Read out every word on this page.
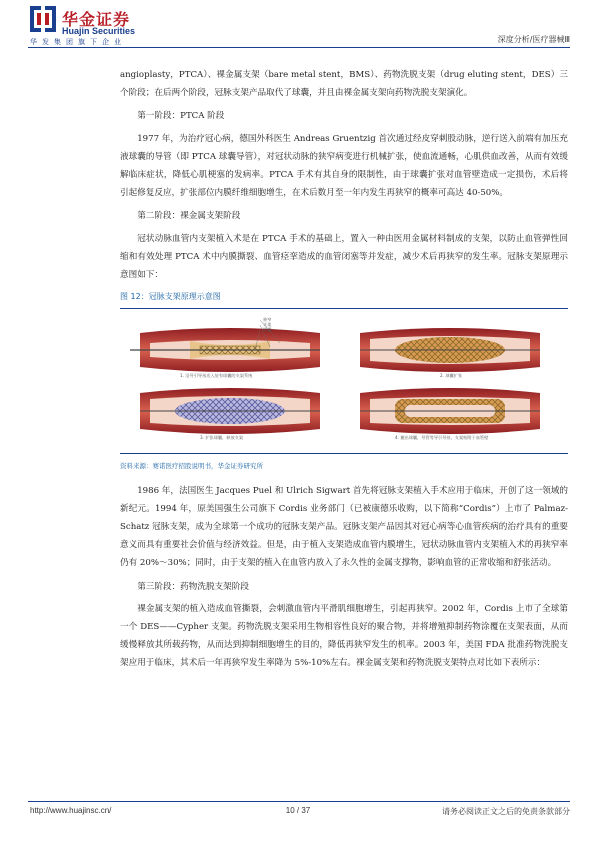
华金证券
Huajin Securities
华发集团旗下企业	深度分析/医疗器械Ⅲ

angioplasty，PTCA）、裸金属支架（bare metal stent，BMS）、药物洗脱支架（drug eluting stent，DES）三个阶段；在后两个阶段，冠脉支架产品取代了球囊，并且由裸金属支架向药物洗脱支架演化。

第一阶段：PTCA 阶段

1977 年，为治疗冠心病，德国外科医生 Andreas Gruentzig 首次通过经皮穿刺股动脉，逆行送入前端有加压充液球囊的导管（即 PTCA 球囊导管），对冠状动脉的狭窄病变进行机械扩张，使血流通畅，心肌供血改善，从而有效缓解临床症状，降低心肌梗塞的发病率。PTCA 手术有其自身的限制性，由于球囊扩张对血管壁造成一定损伤，术后将引起修复反应，扩张部位内膜纤维细胞增生，在术后数月至一年内发生再狭窄的概率可高达 40-50%。

第二阶段：裸金属支架阶段

冠状动脉血管内支架植入术是在 PTCA 手术的基础上，置入一种由医用金属材料制成的支架，以防止血管弹性回缩和有效处理 PTCA 术中内膜撕裂、血管痉挛造成的血管闭塞等并发症，减少术后再狭窄的发生率。冠脉支架原理示意图如下：

图 12：冠脉支架原理示意图
狭窄
支架
球囊
1. 沿导引导丝送入装有球囊的支架系统	2. 球囊扩张
3. 扩张球囊，释放支架	4. 撤出球囊，导管等导引导丝，支架贴附于血管壁
资料来源：赛诺医疗招股说明书，华金证券研究所

1986 年，法国医生 Jacques Puel 和 Ulrich Sigwart 首先将冠脉支架植入手术应用于临床，开创了这一领域的新纪元。1994 年，原美国强生公司旗下 Cordis 业务部门（已被康德乐收购，以下简称“Cordis”）上市了 Palmaz-Schatz 冠脉支架，成为全球第一个成功的冠脉支架产品。冠脉支架产品因其对冠心病等心血管疾病的治疗具有的重要意义而具有重要社会价值与经济效益。但是，由于植入支架造成血管内膜增生，冠状动脉血管内支架植入术的再狭窄率仍有 20%～30%；同时，由于支架的植入在血管内放入了永久性的金属支撑物，影响血管的正常收缩和舒张活动。

第三阶段：药物洗脱支架阶段

裸金属支架的植入造成血管撕裂，会刺激血管内平滑肌细胞增生，引起再狭窄。2002 年，Cordis 上市了全球第一个 DES——Cypher 支架。药物洗脱支架采用生物相容性良好的聚合物，并将增殖抑制药物涂覆在支架表面，从而缓慢释放其所载药物，从而达到抑制细胞增生的目的，降低再狭窄发生的机率。2003 年，美国 FDA 批准药物洗脱支架应用于临床，其术后一年再狭窄发生率降为 5%-10%左右。裸金属支架和药物洗脱支架特点对比如下表所示：

http://www.huajinsc.cn/	10 / 37	请务必阅读正文之后的免责条款部分
